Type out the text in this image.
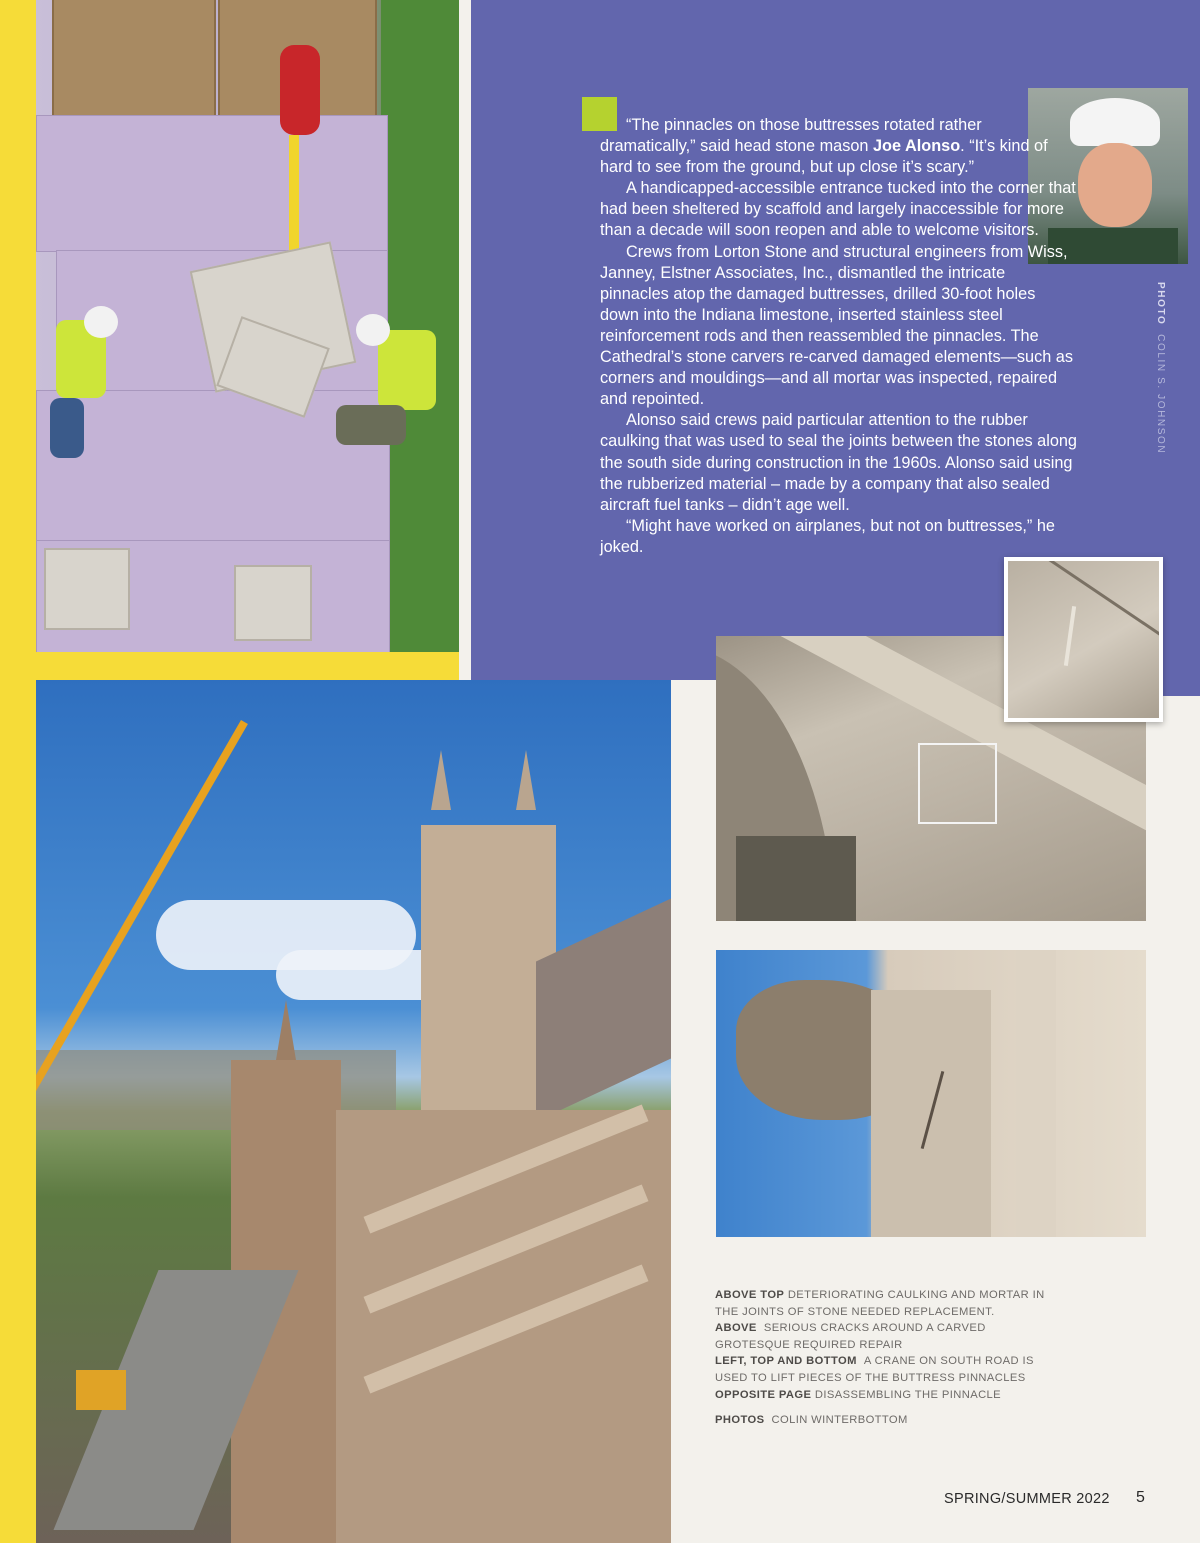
PHOTO  COLIN S. JOHNSON

“The pinnacles on those buttresses rotated rather dramatically,” said head stone mason Joe Alonso. “It’s kind of hard to see from the ground, but up close it’s scary.”

A handicapped-accessible entrance tucked into the corner that had been sheltered by scaffold and largely inaccessible for more than a decade will soon reopen and able to welcome visitors.

Crews from Lorton Stone and structural engineers from Wiss, Janney, Elstner Associates, Inc., dismantled the intricate pinnacles atop the damaged buttresses, drilled 30-foot holes down into the Indiana limestone, inserted stainless steel reinforcement rods and then reassembled the pinnacles. The Cathedral’s stone carvers re-carved damaged elements—such as corners and mouldings—and all mortar was inspected, repaired and repointed.

Alonso said crews paid particular attention to the rubber caulking that was used to seal the joints between the stones along the south side during construction in the 1960s. Alonso said using the rubberized material – made by a company that also sealed aircraft fuel tanks – didn’t age well.

“Might have worked on airplanes, but not on buttresses,” he joked.

ABOVE TOP DETERIORATING CAULKING AND MORTAR IN THE JOINTS OF STONE NEEDED REPLACEMENT.
ABOVE SERIOUS CRACKS AROUND A CARVED GROTESQUE REQUIRED REPAIR
LEFT, TOP AND BOTTOM A CRANE ON SOUTH ROAD IS USED TO LIFT PIECES OF THE BUTTRESS PINNACLES
OPPOSITE PAGE DISASSEMBLING THE PINNACLE
PHOTOS COLIN WINTERBOTTOM
SPRING/SUMMER 2022 5
